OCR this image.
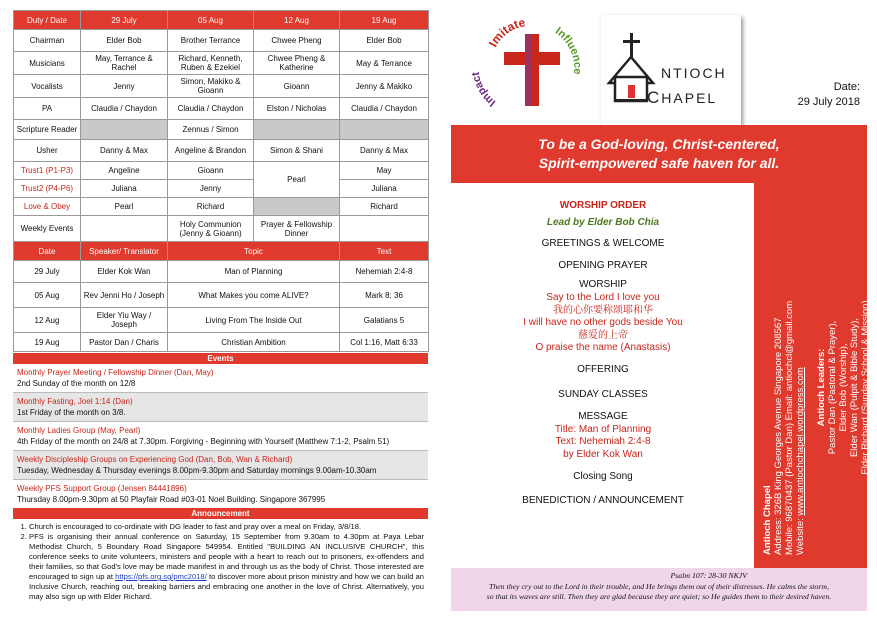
Duty / Date	29 July	05 Aug	12 Aug	19 Aug
Chairman	Elder Bob	Brother Terrance	Chwee Pheng	Elder Bob
Musicians	May, Terrance & Rachel	Richard, Kenneth, Ruben & Ezekiel	Chwee Pheng & Katherine	May & Terrance
Vocalists	Jenny	Simon, Makiko & Gioann	Gioann	Jenny & Makiko
PA	Claudia / Chaydon	Claudia / Chaydon	Elston / Nicholas	Claudia / Chaydon
Scripture Reader		Zennus / Simon		
Usher	Danny & Max	Angeline & Brandon	Simon & Shani	Danny & Max
Trust1 (P1-P3)	Angeline	Gioann	Pearl	May
Trust2 (P4-P6)	Juliana	Jenny		Juliana
Love & Obey	Pearl	Richard		Richard
Weekly Events		Holy Communion (Jenny & Gioann)	Prayer & Fellowship Dinner	
Date	Speaker/ Translator	Topic		Text
29 July	Elder Kok Wan	Man of Planning		Nehemiah 2:4-8
05 Aug	Rev Jenni Ho / Joseph	What Makes you come ALIVE?		Mark 8: 36
12 Aug	Elder Yiu Way / Joseph	Living From The Inside Out		Galatians 5
19 Aug	Pastor Dan / Charis	Christian Ambition		Col 1:16, Matt 6:33
Events
Monthly Prayer Meeting / Fellowship Dinner (Dan, May)
2nd Sunday of the month on 12/8
Monthly Fasting, Joel 1:14 (Dan)
1st Friday of the month on 3/8.
Monthly Ladies Group (May, Pearl)
4th Friday of the month on 24/8 at 7.30pm. Forgiving - Beginning with Yourself (Matthew 7:1-2, Psalm 51)
Weekly Discipleship Groups on Experiencing God (Dan, Bob, Wan & Richard)
Tuesday, Wednesday & Thursday evenings 8.00pm-9.30pm and Saturday mornings 9.00am-10.30am
Weekly PFS Support Group (Jensen 84441896)
Thursday 8.00pm-9.30pm at 50 Playfair Road #03-01 Noel Building. Singapore 367995
Announcement
1. Church is encouraged to co-ordinate with DG leader to fast and pray over a meal on Friday, 3/8/18.
2. PFS is organising their annual conference on Saturday, 15 September from 9.30am to 4.30pm at Paya Lebar Methodist Church, 5 Boundary Road Singapore 549954. Entitled "BUILDING AN INCLUSIVE CHURCH", this conference seeks to unite volunteers, ministers and people with a heart to reach out to prisoners, ex-offenders and their families, so that God's love may be made manifest in and through us as the body of Christ. Those interested are encouraged to sign up at https://pfs.org.sg/pmc2018/ to discover more about prison ministry and how we can build an Inclusive Church, reaching out, breaking barriers and embracing one another in the love of Christ. Alternatively, you may also sign up with Elder Richard.
Imitate
Influence
Impact	NTIOCH
CHAPEL
Date:
29 July 2018
To be a God-loving, Christ-centered,
Spirit-empowered safe haven for all.
Antioch Chapel Address: 326B King Georges Avenue Singapore 208567 Mobile: 96870437 (Pastor Dan) Email: antiochcl@gmail.com Website: www.antiochchapel.wordpress.com Antioch Leaders: Pastor Dan (Pastoral & Prayer), Elder Bob (Worship), Elder Wan (Pulpit & Bible Study), Elder Richard (Sunday School & Mission)
WORSHIP ORDER
Lead by Elder Bob Chia
GREETINGS & WELCOME
OPENING PRAYER
WORSHIP
Say to the Lord I love you
我的心你要称颂耶和华
I will have no other gods beside You
慈爱的上帝
O praise the name (Anastasis)
OFFERING
SUNDAY CLASSES
MESSAGE
Title: Man of Planning
Text: Nehemiah 2:4-8
by Elder Kok Wan
Closing Song
BENEDICTION / ANNOUNCEMENT
Psalm 107: 28-30 NKJV
Then they cry out to the Lord in their trouble, and He brings them out of their distresses. He calms the storm,
so that its waves are still. Then they are glad because they are quiet; so He guides them to their desired haven.
